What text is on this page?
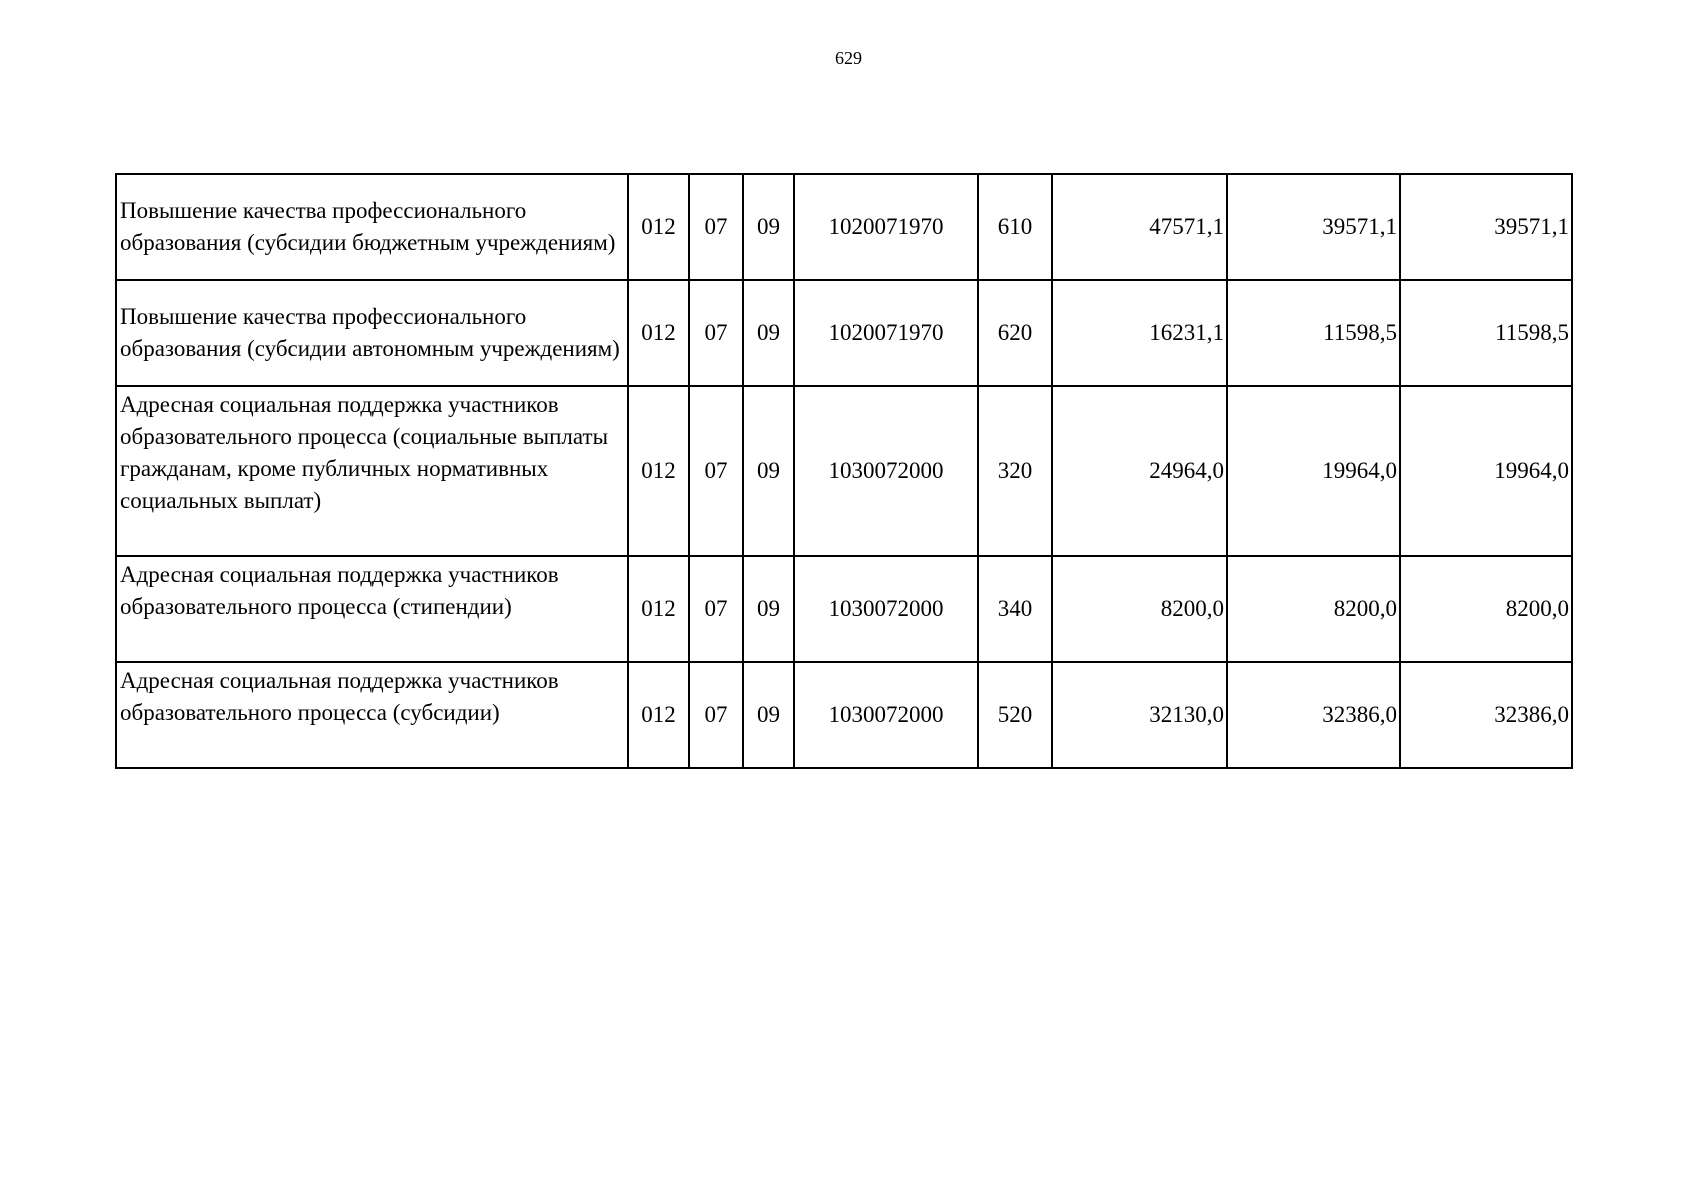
629
Повышение качества профессионального образования (субсидии бюджетным учреждениям)	012	07	09	1020071970	610	47571,1	39571,1	39571,1
Повышение качества профессионального образования (субсидии автономным учреждениям)	012	07	09	1020071970	620	16231,1	11598,5	11598,5
Адресная социальная поддержка участников образовательного процесса (социальные выплаты гражданам, кроме публичных нормативных социальных выплат)	012	07	09	1030072000	320	24964,0	19964,0	19964,0
Адресная социальная поддержка участников образовательного процесса (стипендии)	012	07	09	1030072000	340	8200,0	8200,0	8200,0
Адресная социальная поддержка участников образовательного процесса (субсидии)	012	07	09	1030072000	520	32130,0	32386,0	32386,0
